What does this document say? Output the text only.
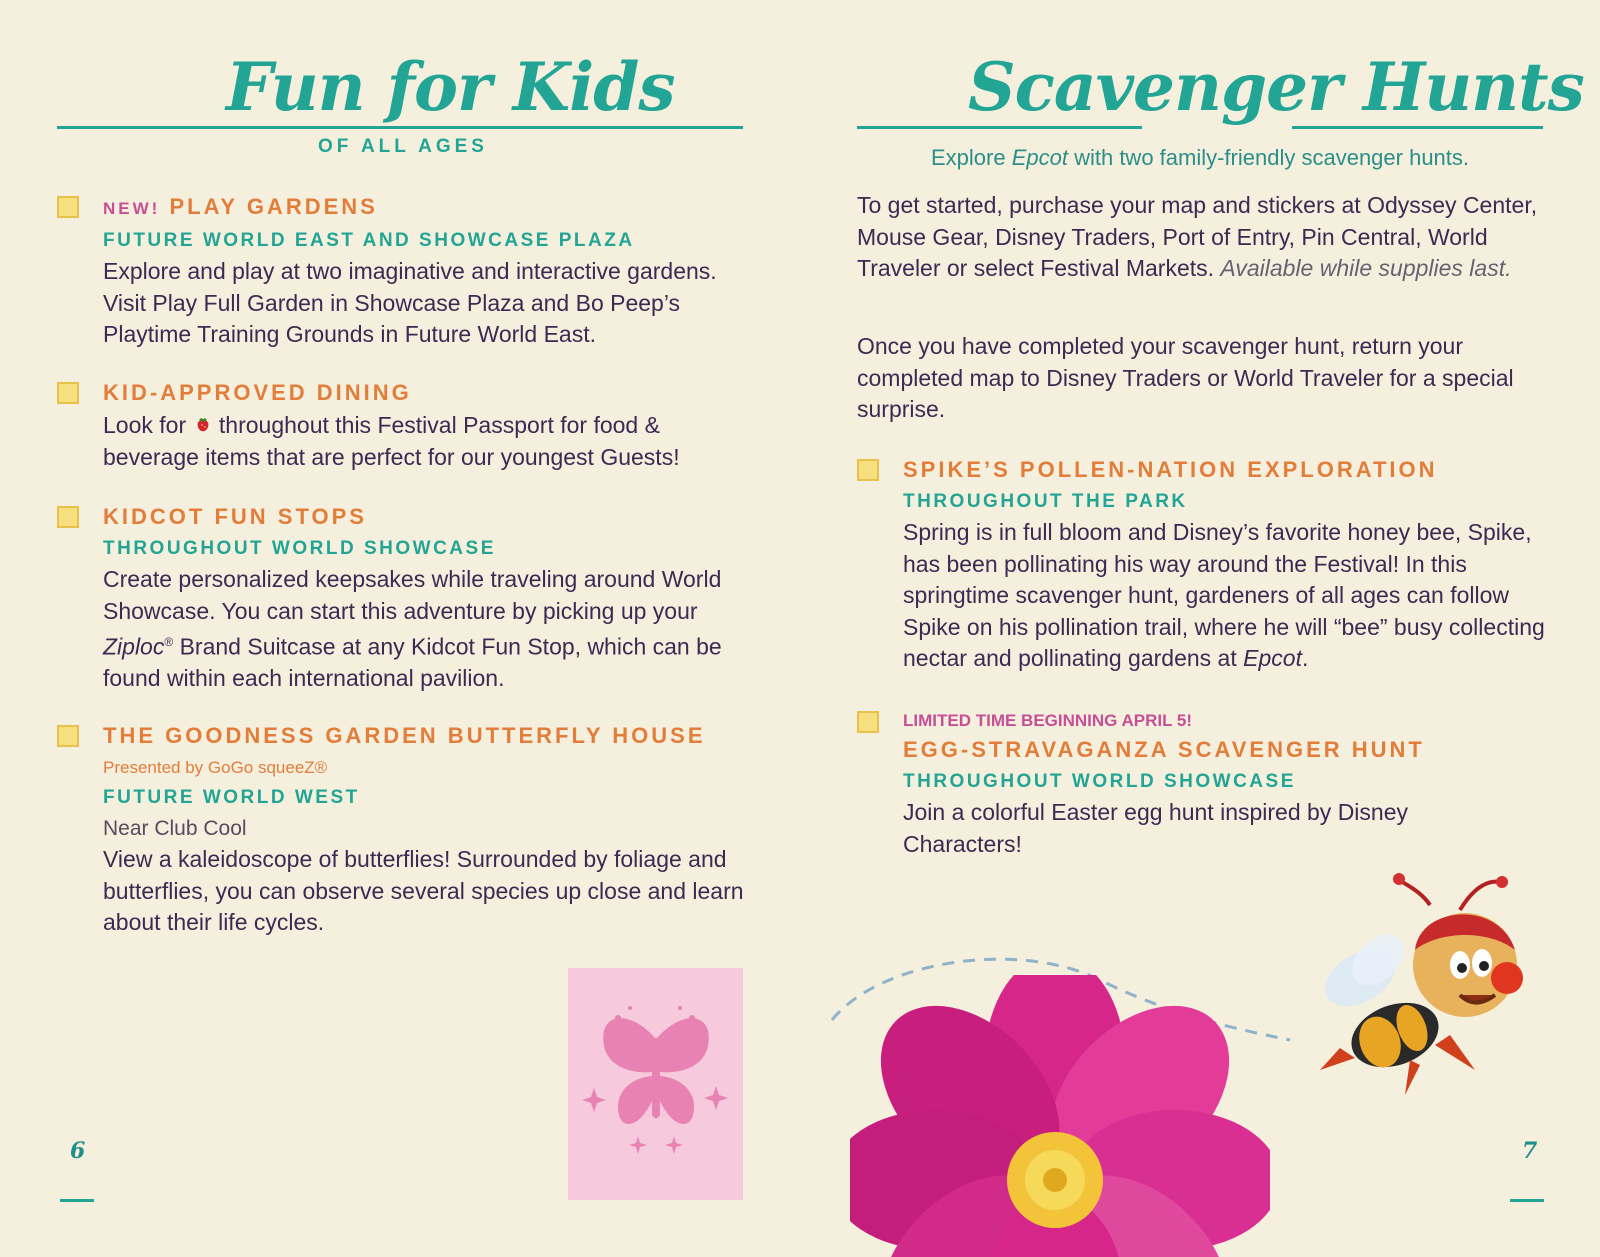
Fun for Kids

OF ALL AGES

NEW! PLAY GARDENS

FUTURE WORLD EAST AND SHOWCASE PLAZA

Explore and play at two imaginative and interactive gardens. Visit Play Full Garden in Showcase Plaza and Bo Peep’s Playtime Training Grounds in Future World East.

KID-APPROVED DINING

Look for throughout this Festival Passport for food & beverage items that are perfect for our youngest Guests!

KIDCOT FUN STOPS

THROUGHOUT WORLD SHOWCASE

Create personalized keepsakes while traveling around World Showcase. You can start this adventure by picking up your Ziploc® Brand Suitcase at any Kidcot Fun Stop, which can be found within each international pavilion.

THE GOODNESS GARDEN BUTTERFLY HOUSE

Presented by GoGo squeeZ®

FUTURE WORLD WEST

Near Club Cool

View a kaleidoscope of butterflies! Surrounded by foliage and butterflies, you can observe several species up close and learn about their life cycles.

6
Scavenger Hunts

Explore Epcot with two family-friendly scavenger hunts.

To get started, purchase your map and stickers at Odyssey Center, Mouse Gear, Disney Traders, Port of Entry, Pin Central, World Traveler or select Festival Markets. Available while supplies last.

Once you have completed your scavenger hunt, return your completed map to Disney Traders or World Traveler for a special surprise.

SPIKE’S POLLEN-NATION EXPLORATION

THROUGHOUT THE PARK

Spring is in full bloom and Disney’s favorite honey bee, Spike, has been pollinating his way around the Festival! In this springtime scavenger hunt, gardeners of all ages can follow Spike on his pollination trail, where he will “bee” busy collecting nectar and pollinating gardens at Epcot.

LIMITED TIME BEGINNING APRIL 5!

EGG-STRAVAGANZA SCAVENGER HUNT

THROUGHOUT WORLD SHOWCASE

Join a colorful Easter egg hunt inspired by Disney Characters!

7
